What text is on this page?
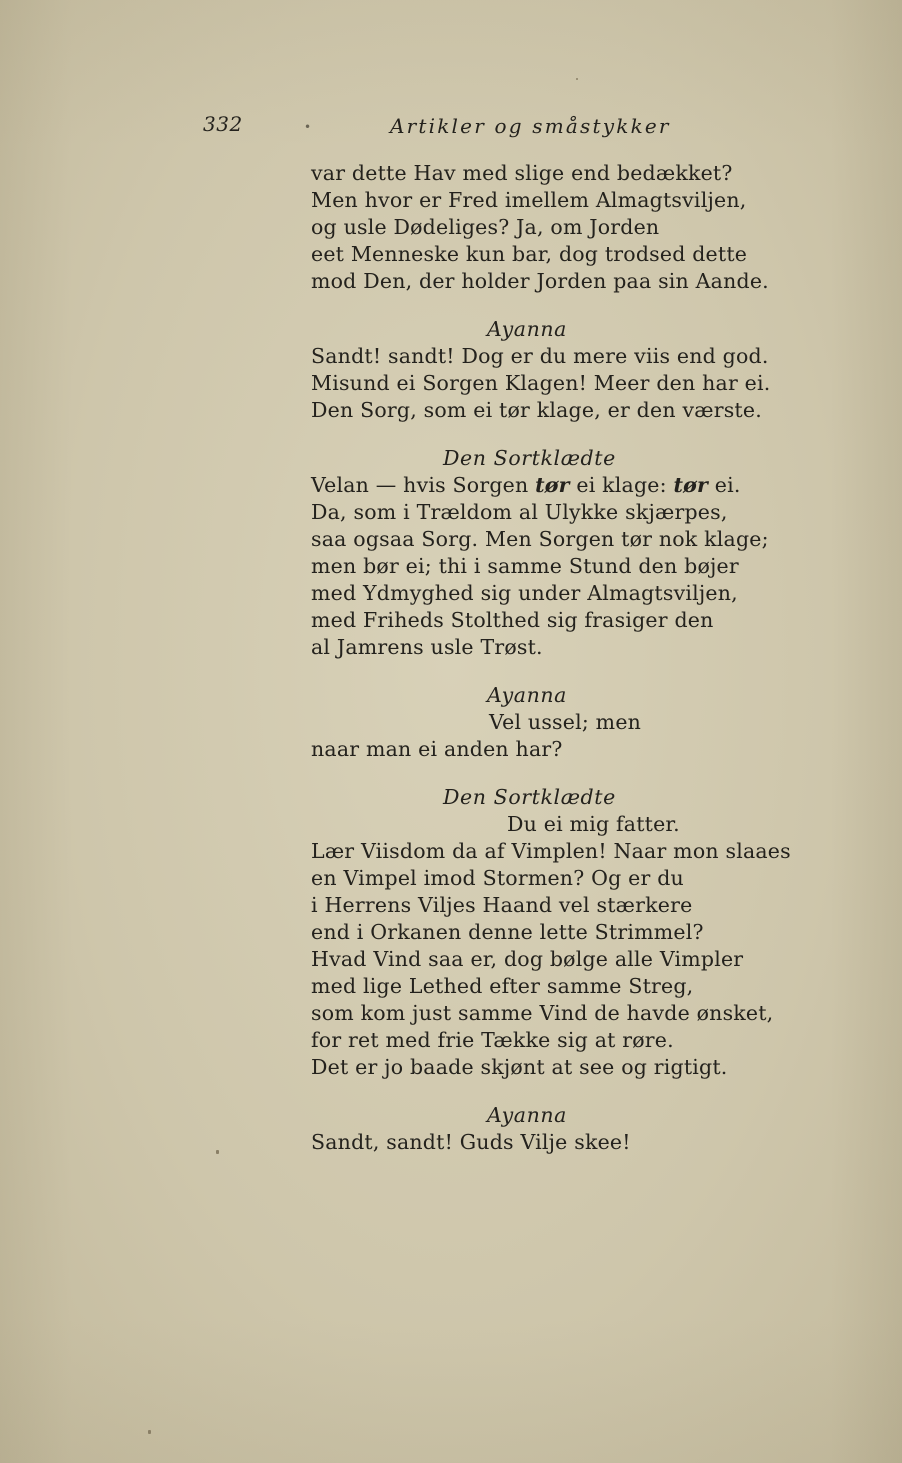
332	•	Artikler og småstykker
var dette Hav med slige end bedækket?
Men hvor er Fred imellem Almagtsviljen,
og usle Dødeliges? Ja, om Jorden
eet Menneske kun bar, dog trodsed dette
mod Den, der holder Jorden paa sin Aande.
Ayanna
Sandt! sandt! Dog er du mere viis end god.
Misund ei Sorgen Klagen! Meer den har ei.
Den Sorg, som ei tør klage, er den værste.
Den Sortklædte
Velan — hvis Sorgen tør ei klage: tør ei.
Da, som i Trældom al Ulykke skjærpes,
saa ogsaa Sorg. Men Sorgen tør nok klage;
men bør ei; thi i samme Stund den bøjer
med Ydmyghed sig under Almagtsviljen,
med Friheds Stolthed sig frasiger den
al Jamrens usle Trøst.
Ayanna
Vel ussel; men
naar man ei anden har?
Den Sortklædte
Du ei mig fatter.
Lær Viisdom da af Vimplen! Naar mon slaaes
en Vimpel imod Stormen? Og er du
i Herrens Viljes Haand vel stærkere
end i Orkanen denne lette Strimmel?
Hvad Vind saa er, dog bølge alle Vimpler
med lige Lethed efter samme Streg,
som kom just samme Vind de havde ønsket,
for ret med frie Tække sig at røre.
Det er jo baade skjønt at see og rigtigt.
Ayanna
Sandt, sandt! Guds Vilje skee!
